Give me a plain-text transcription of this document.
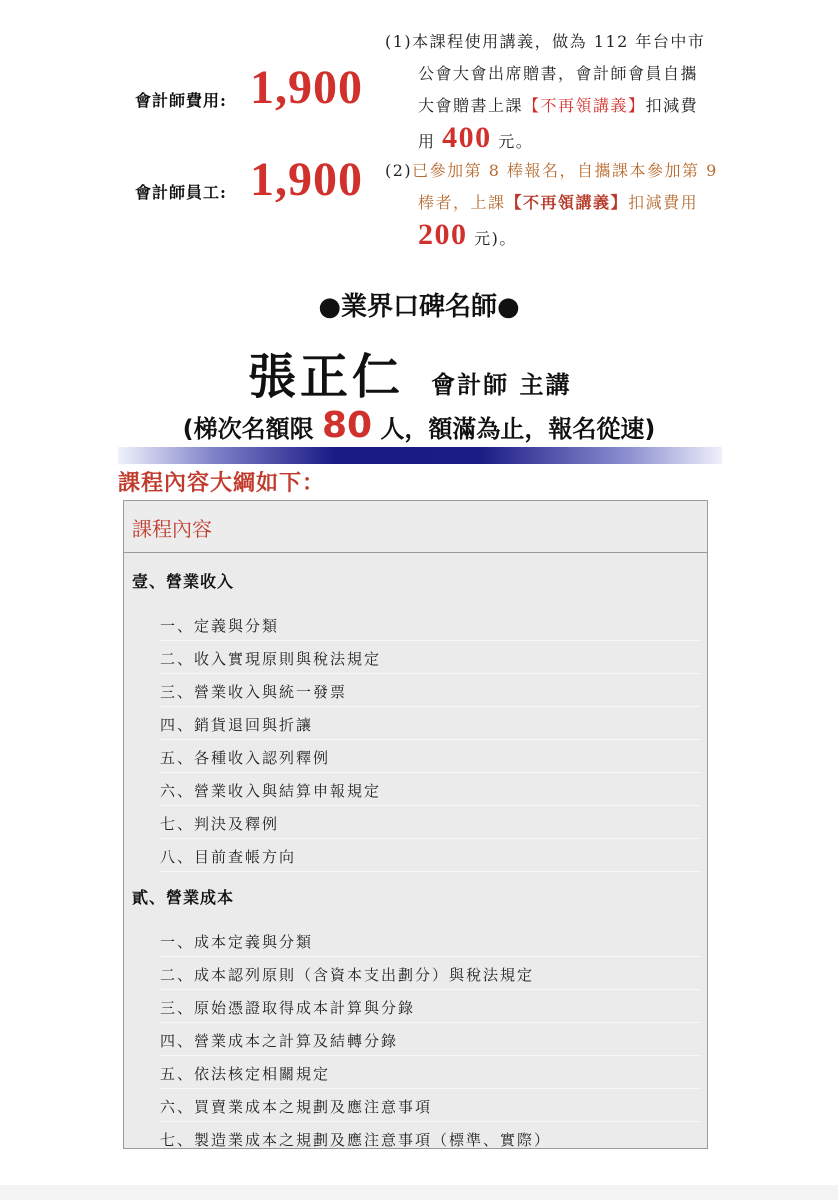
會計師費用: 1,900
會計師員工: 1,900
(1)本課程使用講義，做為 112 年台中市
公會大會出席贈書，會計師會員自攜
大會贈書上課【不再領講義】扣減費
用 400 元。
(2)已參加第 8 棒報名，自攜課本參加第 9
棒者，上課【不再領講義】扣減費用
200 元)。
●業界口碑名師●
張正仁 會計師 主講
(梯次名額限 80 人，額滿為止，報名從速)
課程內容大綱如下：
課程內容
壹、營業收入
一、定義與分類
二、收入實現原則與稅法規定
三、營業收入與統一發票
四、銷貨退回與折讓
五、各種收入認列釋例
六、營業收入與結算申報規定
七、判決及釋例
八、目前查帳方向
貳、營業成本
一、成本定義與分類
二、成本認列原則（含資本支出劃分）與稅法規定
三、原始憑證取得成本計算與分錄
四、營業成本之計算及結轉分錄
五、依法核定相關規定
六、買賣業成本之規劃及應注意事項
七、製造業成本之規劃及應注意事項（標準、實際）
